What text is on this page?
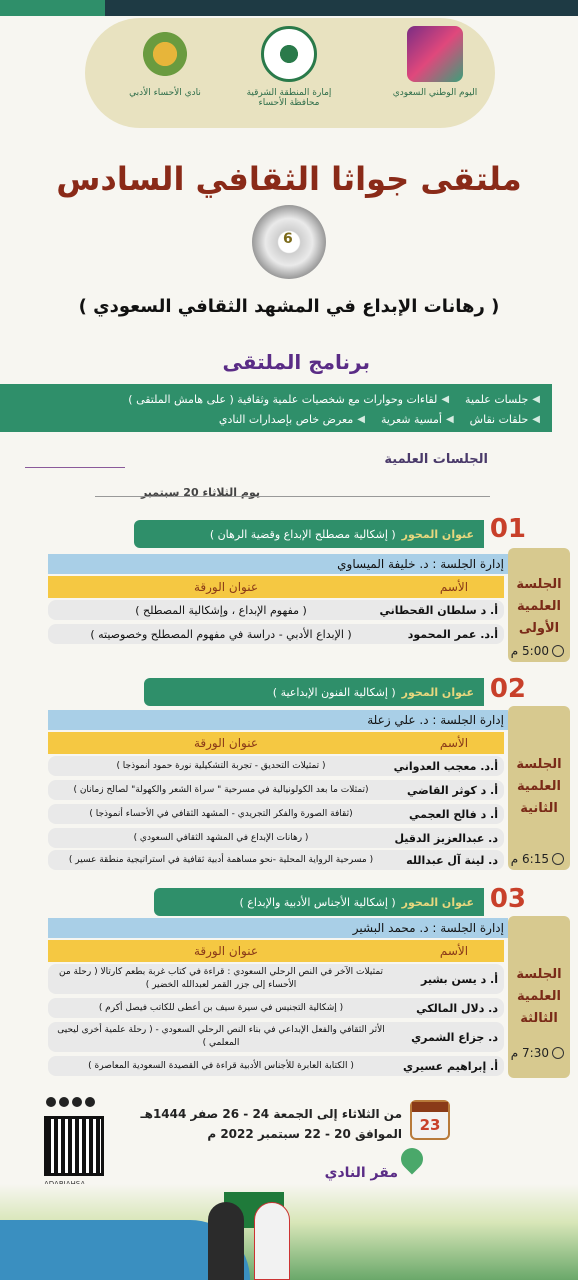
نادي الأحساء الأدبي	إمارة المنطقة الشرقية
محافظة الأحساء
اليوم الوطني السعودي
ملتقى جواثا الثقافي السادس
6
( رهانات الإبداع في المشهد الثقافي السعودي )
برنامج الملتقى
◀
جلسات علمية
◀
لقاءات وحوارات مع شخصيات علمية وثقافية ( على هامش الملتقى )
◀
حلقات نقاش
◀
أمسية شعرية
◀
معرض خاص بإصدارات النادي
الجلسات العلمية
يوم الثلاثاء 20 سبتمبر
01
عنوان المحور
( إشكالية مصطلح الإبداع وقضية الرهان )
الجلسة
العلمية
الأولى
إدارة الجلسة :

د. خليفة الميساوي
الأسم
عنوان الورقة
أ. د سلطان القحطاني
( مفهوم الإبداع ، وإشكالية المصطلح )
أ.د. عمر المحمود
( الإبداع الأدبي - دراسة في مفهوم المصطلح وخصوصيته )
5:00 م
02
عنوان المحور
( إشكالية الفنون الإبداعية )
الجلسة
العلمية
الثانية
إدارة الجلسة :

د. علي زعلة
الأسم
عنوان الورقة
أ.د. معجب العدواني
( تمثيلات التحديق - تجربة التشكيلية نورة حمود أنموذجا )
أ. د كوثر القاضي
(تمثلات ما بعد الكولونيالية في مسرحية " سراة الشعر والكهولة" لصالح زمانان )
أ. د فالح العجمي
(ثقافة الصورة والفكر التجريدي - المشهد الثقافي في الأحساء أنموذجا )
د. عبدالعزيز الدقيل
( رهانات الإبداع في المشهد الثقافي السعودي )
د. لينة آل عبدالله
( مسرحية الرواية المحلية -نحو مساهمة أدبية ثقافية في استراتيجية منطقة عسير )	6:15 م
03
عنوان المحور
( إشكالية الأجناس الأدبية والإبداع )
الجلسة
العلمية
الثالثة
إدارة الجلسة :

د. محمد البشير
الأسم
عنوان الورقة
أ. د يسن بشير
تمثيلات الآخر في النص الرحلي السعودي : قراءة في كتاب غربة بطعم كارتالا ( رحلة من الأحساء إلى جزر القمر لعبدالله الخضير )
د. دلال المالكي
( إشكالية التجنيس في سيرة سيف بن أعطى للكاتب فيصل أكرم )
د. جزاع الشمري
الأثر الثقافي والفعل الإبداعي في بناء النص الرحلي السعودي - ( رحلة علمية أخرى ليحيى المعلمي )
أ. إبراهيم عسيري
( الكتابة العابرة للأجناس الأدبية قراءة في القصيدة السعودية المعاصرة )
7:30 م
23
من الثلاثاء إلى الجمعة 24 - 26 صفر 1444هـ
الموافق 20 - 22 سبتمبر 2022 م
مقر النادي
